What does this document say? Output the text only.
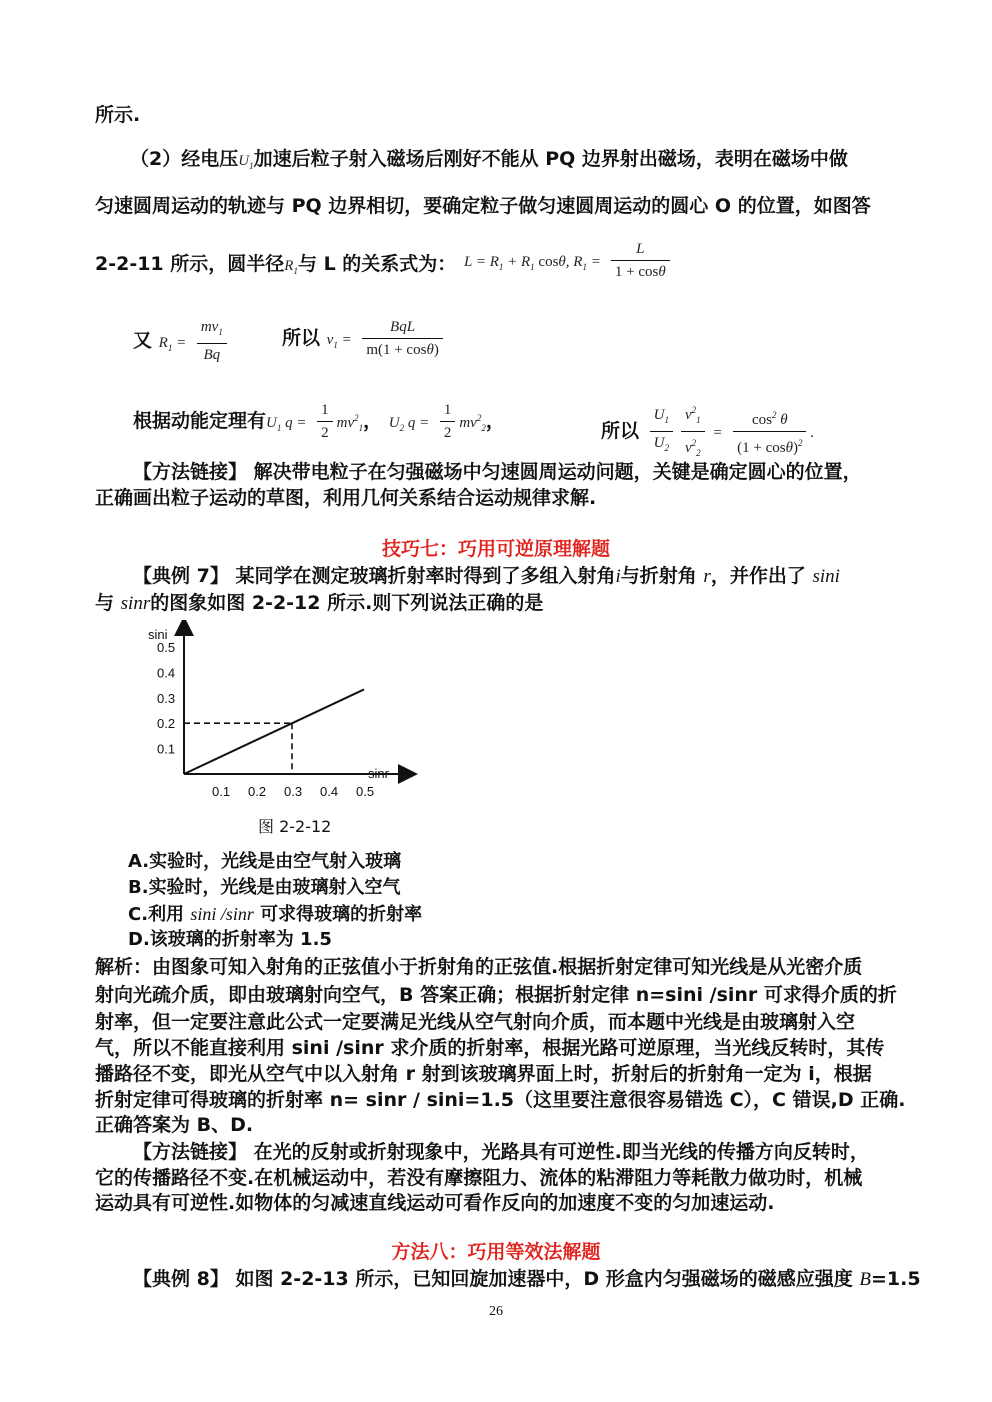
所示.
（2）经电压$U_1$加速后粒子射入磁场后刚好不能从 PQ 边界射出磁场，表明在磁场中做
匀速圆周运动的轨迹与 PQ 边界相切，要确定粒子做匀速圆周运动的圆心 O 的位置，如图答
2-2-11 所示，圆半径$R_1$与 L 的关系式为： $L = R_1 + R_1$ cosθ, $R_1 = \frac{L}{1 + \cos\theta}$
又 $R_1 = \frac{mv_1}{Bq}$	所以 $v_1 = \frac{\text{BqL}}{m(1 + \cos\theta)}$
根据动能定理有$U_1$ $q = \frac{1}{2} mv^2_1$， $U_2$ $q = \frac{1}{2} mv^2_2$，	所以 $\frac{U_1}{U_2} \frac{v^2_1}{v^2_2} = \frac{\cos^2 \theta}{(1 + \cos\theta)^2}$ .
【方法链接】 解决带电粒子在匀强磁场中匀速圆周运动问题，关键是确定圆心的位置，
正确画出粒子运动的草图，利用几何关系结合运动规律求解.
技巧七：巧用可逆原理解题
【典例 7】 某同学在测定玻璃折射率时得到了多组入射角i与折射角 r，并作出了 sini
与 sinr的图象如图 2-2-12 所示.则下列说法正确的是
sini
sinr
0.1 0.2 0.3 0.4 0.5
0.1
0.2
0.3
0.4
0.5
图 2-2-12
A.实验时，光线是由空气射入玻璃
B.实验时，光线是由玻璃射入空气
C.利用 sini /sinr 可求得玻璃的折射率
D.该玻璃的折射率为 1.5
解析：由图象可知入射角的正弦值小于折射角的正弦值.根据折射定律可知光线是从光密介质
射向光疏介质，即由玻璃射向空气，B 答案正确；根据折射定律 n=sini /sinr 可求得介质的折
射率，但一定要注意此公式一定要满足光线从空气射向介质，而本题中光线是由玻璃射入空
气，所以不能直接利用 sini /sinr 求介质的折射率，根据光路可逆原理，当光线反转时，其传
播路径不变，即光从空气中以入射角 r 射到该玻璃界面上时，折射后的折射角一定为 i，根据
折射定律可得玻璃的折射率 n= sinr / sini=1.5（这里要注意很容易错选 C），C 错误,D 正确.
正确答案为 B、D.
【方法链接】 在光的反射或折射现象中，光路具有可逆性.即当光线的传播方向反转时，
它的传播路径不变.在机械运动中，若没有摩擦阻力、流体的粘滞阻力等耗散力做功时，机械
运动具有可逆性.如物体的匀减速直线运动可看作反向的加速度不变的匀加速运动.
方法八：巧用等效法解题
【典例 8】 如图 2-2-13 所示，已知回旋加速器中，D 形盒内匀强磁场的磁感应强度 B=1.5
26
